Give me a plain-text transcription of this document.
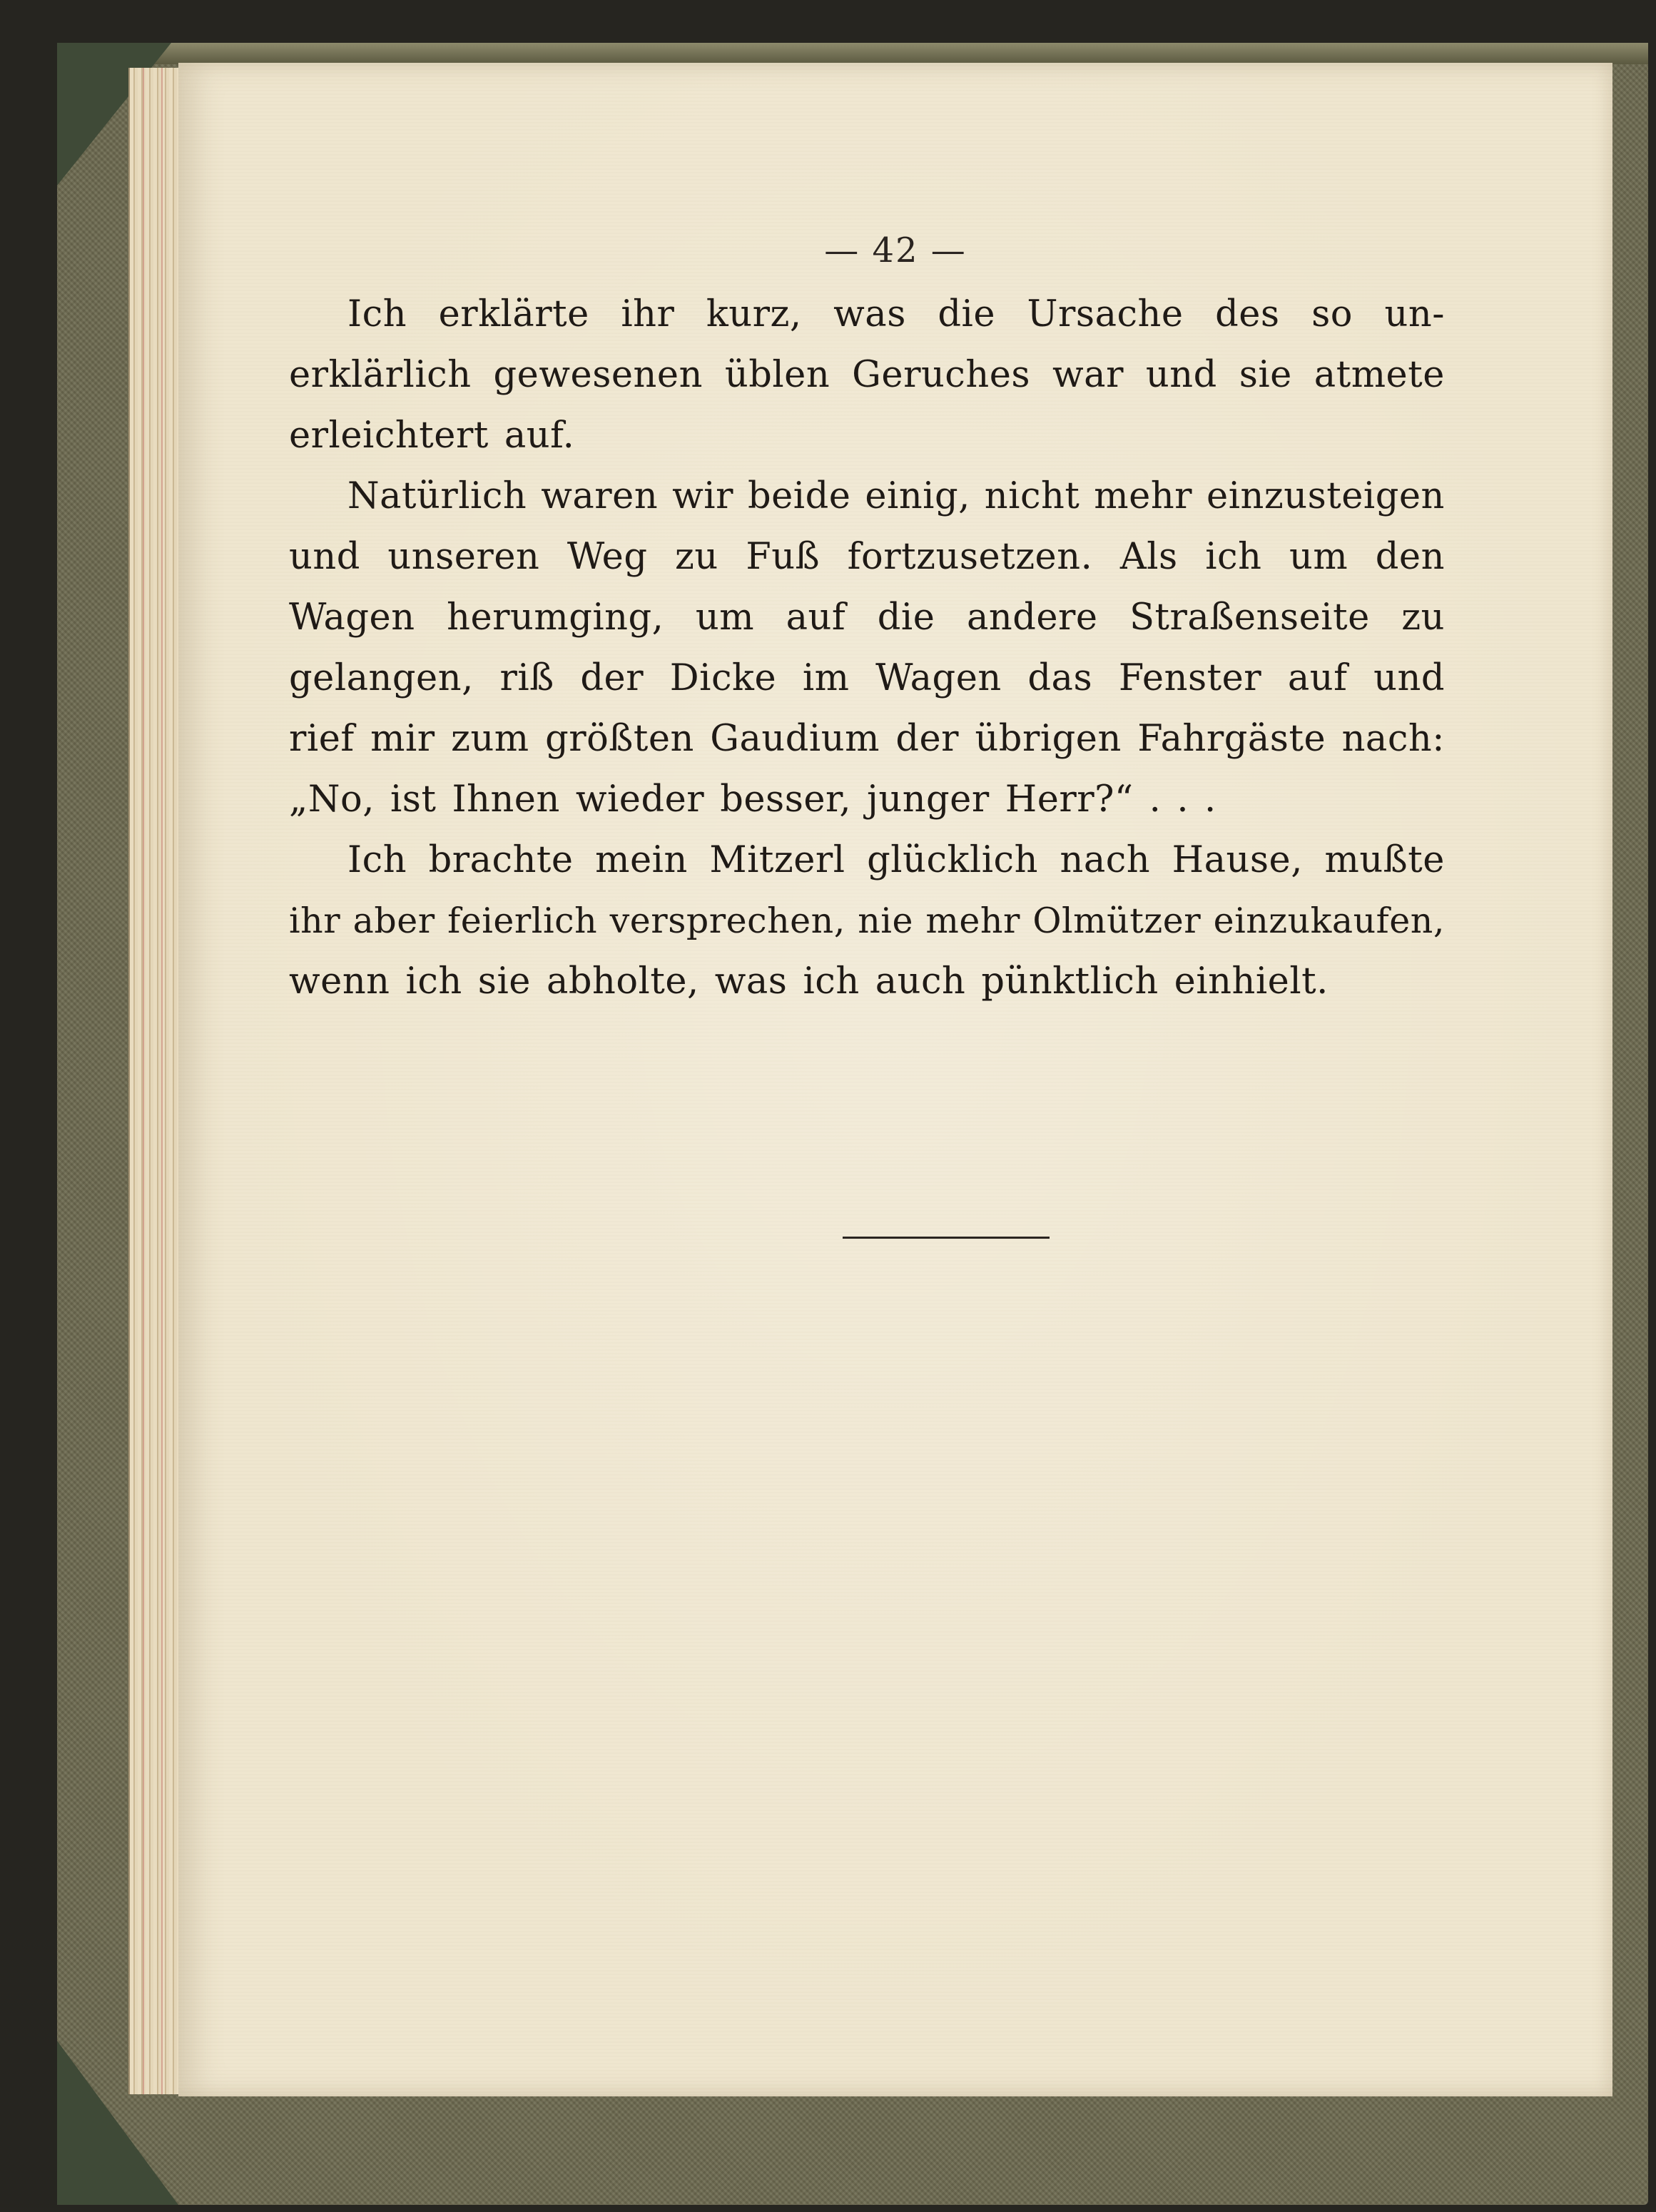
— 42 —
Ich erklärte ihr kurz, was die Ursache des so un-
erklärlich gewesenen üblen Geruches war und sie atmete
erleichtert auf.
Natürlich waren wir beide einig, nicht mehr einzusteigen
und unseren Weg zu Fuß fortzusetzen. Als ich um den
Wagen herumging, um auf die andere Straßenseite zu
gelangen, riß der Dicke im Wagen das Fenster auf und
rief mir zum größten Gaudium der übrigen Fahrgäste nach:
„No, ist Ihnen wieder besser, junger Herr?“ . . .
Ich brachte mein Mitzerl glücklich nach Hause, mußte
ihr aber feierlich versprechen, nie mehr Olmützer einzukaufen,
wenn ich sie abholte, was ich auch pünktlich einhielt.
